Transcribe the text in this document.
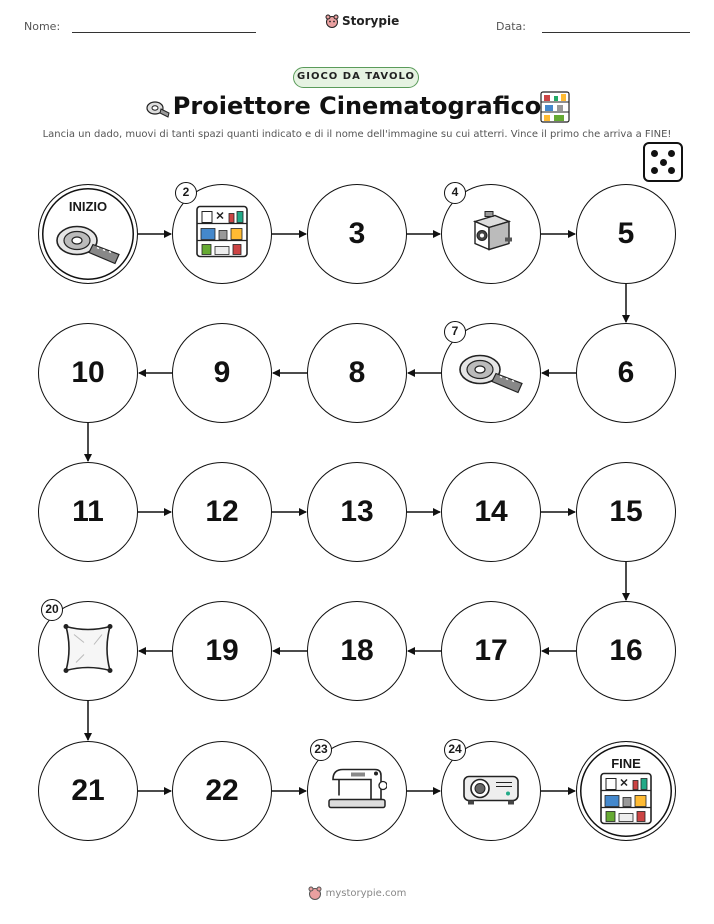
Nome:	Storypie	Data:
GIOCO DA TAVOLO
Proiettore Cinematografico
Lancia un dado, muovi di tanti spazi quanti indicato e di il nome dell'immagine su cui atterri. Vince il primo che arriva a FINE!
INIZIO
2
3
4
5
6
7
8
9
10
11	12	13	14	15
16
17
18
19
20
21	22
23	24
FINE
mystorypie.com
